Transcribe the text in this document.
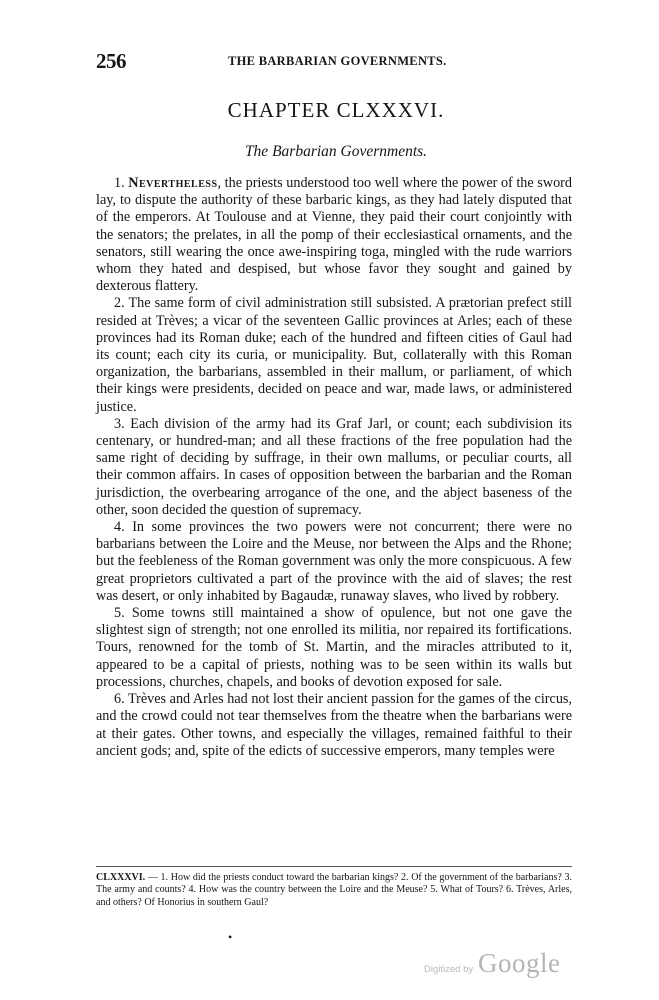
256	THE BARBARIAN GOVERNMENTS.
CHAPTER CLXXXVI.
The Barbarian Governments.

1. Nevertheless, the priests understood too well where the power of the sword lay, to dispute the authority of these barbaric kings, as they had lately disputed that of the emperors. At Toulouse and at Vienne, they paid their court conjointly with the senators; the prelates, in all the pomp of their ecclesiastical ornaments, and the senators, still wearing the once awe-inspiring toga, mingled with the rude warriors whom they hated and despised, but whose favor they sought and gained by dexterous flattery.

2. The same form of civil administration still subsisted. A prætorian prefect still resided at Trèves; a vicar of the seventeen Gallic provinces at Arles; each of these provinces had its Roman duke; each of the hundred and fifteen cities of Gaul had its count; each city its curia, or municipality. But, collaterally with this Roman organization, the barbarians, assembled in their mallum, or parliament, of which their kings were presidents, decided on peace and war, made laws, or administered justice.

3. Each division of the army had its Graf Jarl, or count; each subdivision its centenary, or hundred-man; and all these fractions of the free population had the same right of deciding by suffrage, in their own mallums, or peculiar courts, all their common affairs. In cases of opposition between the barbarian and the Roman jurisdiction, the overbearing arrogance of the one, and the abject baseness of the other, soon decided the question of supremacy.

4. In some provinces the two powers were not concurrent; there were no barbarians between the Loire and the Meuse, nor between the Alps and the Rhone; but the feebleness of the Roman government was only the more conspicuous. A few great proprietors cultivated a part of the province with the aid of slaves; the rest was desert, or only inhabited by Bagaudæ, runaway slaves, who lived by robbery.

5. Some towns still maintained a show of opulence, but not one gave the slightest sign of strength; not one enrolled its militia, nor repaired its fortifications. Tours, renowned for the tomb of St. Martin, and the miracles attributed to it, appeared to be a capital of priests, nothing was to be seen within its walls but processions, churches, chapels, and books of devotion exposed for sale.

6. Trèves and Arles had not lost their ancient passion for the games of the circus, and the crowd could not tear themselves from the theatre when the barbarians were at their gates. Other towns, and especially the villages, remained faithful to their ancient gods; and, spite of the edicts of successive emperors, many temples were

CLXXXVI. — 1. How did the priests conduct toward the barbarian kings? 2. Of the government of the barbarians? 3. The army and counts? 4. How was the country between the Loire and the Meuse? 5. What of Tours? 6. Trèves, Arles, and others? Of Honorius in southern Gaul?
•
Digitized by Google
